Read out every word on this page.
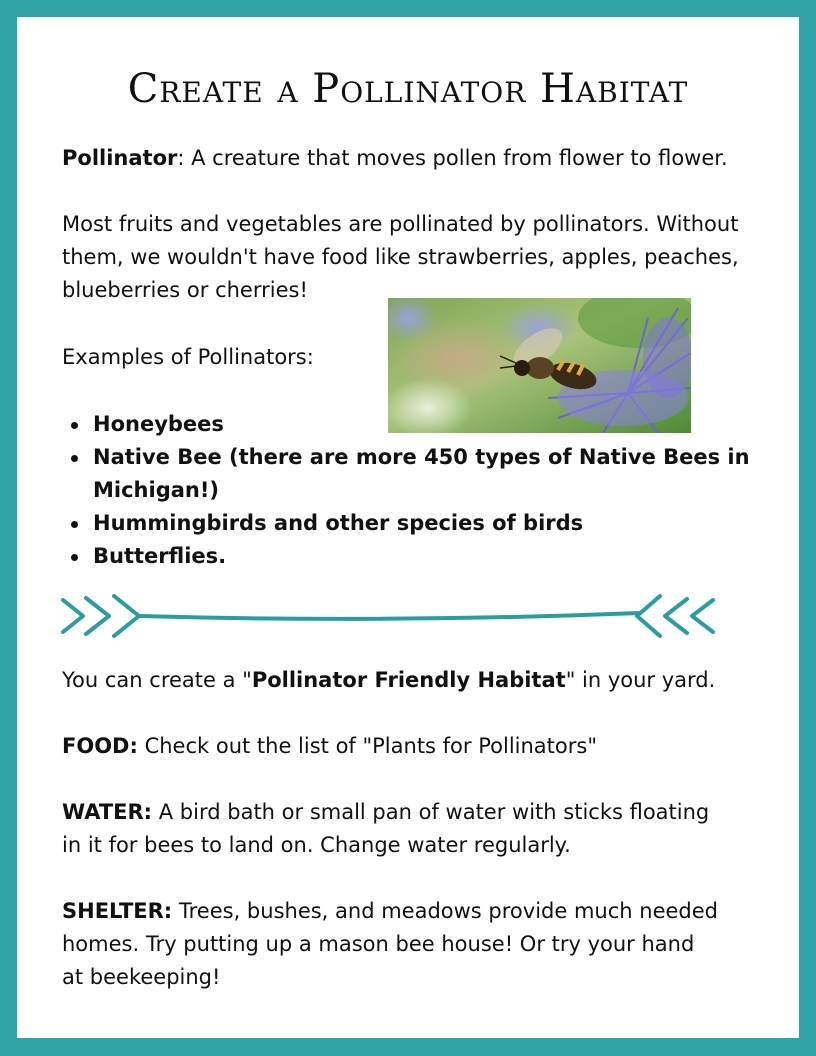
Create a Pollinator Habitat

Pollinator: A creature that moves pollen from flower to flower.

Most fruits and vegetables are pollinated by pollinators. Without

them, we wouldn't have food like strawberries, apples, peaches,

blueberries or cherries!

Examples of Pollinators:

Honeybees
Native Bee (there are more 450 types of Native Bees in
Michigan!)
Hummingbirds and other species of birds
Butterflies.

You can create a "Pollinator Friendly Habitat" in your yard.

FOOD: Check out the list of "Plants for Pollinators"

WATER: A bird bath or small pan of water with sticks floating

in it for bees to land on. Change water regularly.

SHELTER: Trees, bushes, and meadows provide much needed

homes. Try putting up a mason bee house! Or try your hand

at beekeeping!
